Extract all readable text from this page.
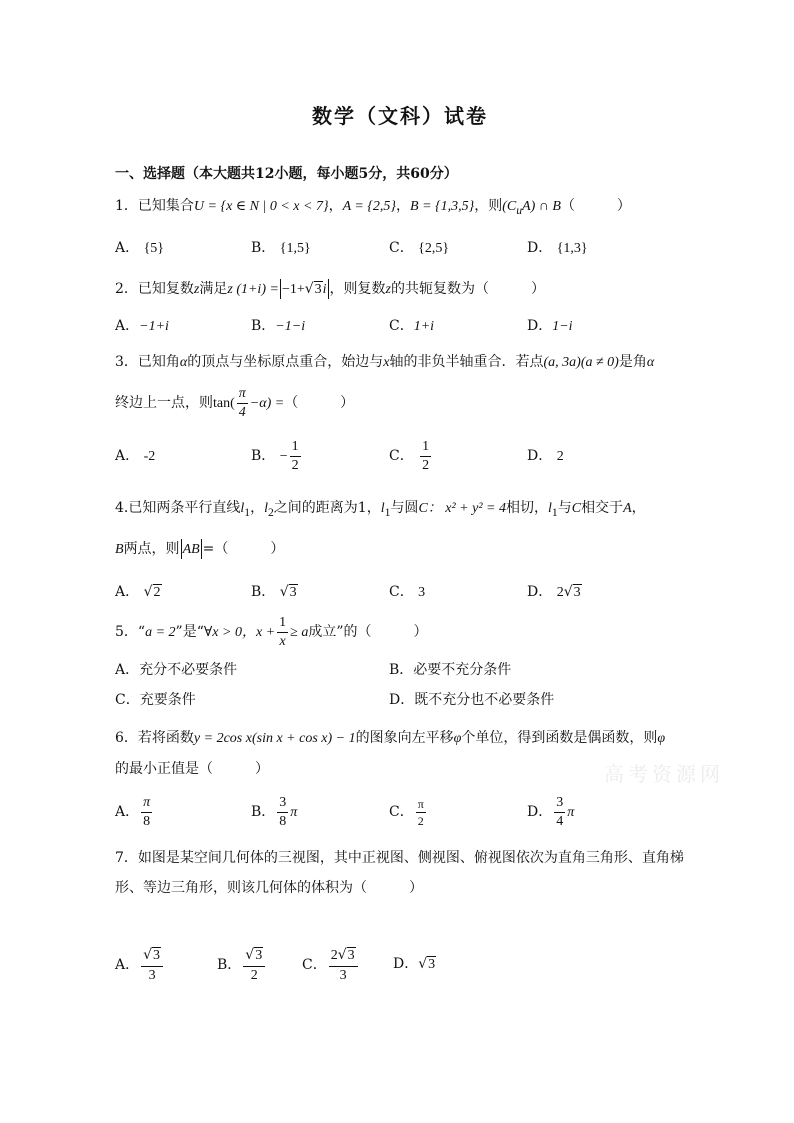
数学（文科）试卷
一、选择题（本大题共12小题，每小题5分，共60分）
1．已知集合U = {x ∈ N | 0 < x < 7}，A = {2,5}，B = {1,3,5}，则$(C_uA)$ ∩ B（　　　）
A． {5}	B． {1,5}	C． {2,5}	D． {1,3}
2．已知复数z满足z (1+i) = −1+√3i ，则复数z的共轭复数为（　　　）
A．−1+i	B．−1−i	C．1+i	D．1−i
3．已知角α的顶点与坐标原点重合，始边与x轴的非负半轴重合．若点(a, 3a)(a ≠ 0)是角α
终边上一点，则$\tan( \frac{\pi}{4} -\alpha)$ =（　　　）
A． -2	B． − $\frac{1}{2}$	C． $\frac{1}{2}$	D． 2
4.已知两条平行直线$l_1$，$l_2$之间的距离为1，$l_1$与圆C： x² + y² = 4相切，$l_1$与C相交于A，
B两点，则 AB =（　　　）
A． √2	B． √3	C． 3	D． 2√3
5．“a = 2”是“∀x > 0，$x + \frac{1}{x} \ge a$成立”的（　　　）
A．充分不必要条件	B．必要不充分条件
C．充要条件	D．既不充分也不必要条件
6．若将函数y = 2cos x(sin x + cos x) − 1的图象向左平移φ个单位，得到函数是偶函数，则φ
的最小正值是（　　　）
A． $\frac{\pi}{8}$	B． $\frac{3}{8}$ π	C． $\frac{\pi}{2}$	D． $\frac{3}{4}$ π
高考资源网
7．如图是某空间几何体的三视图，其中正视图、侧视图、俯视图依次为直角三角形、直角梯
形、等边三角形，则该几何体的体积为（　　　）
A． $\frac{√3}{3}$	B． $\frac{√3}{2}$	C． $\frac{2√3}{3}$	D．√3
